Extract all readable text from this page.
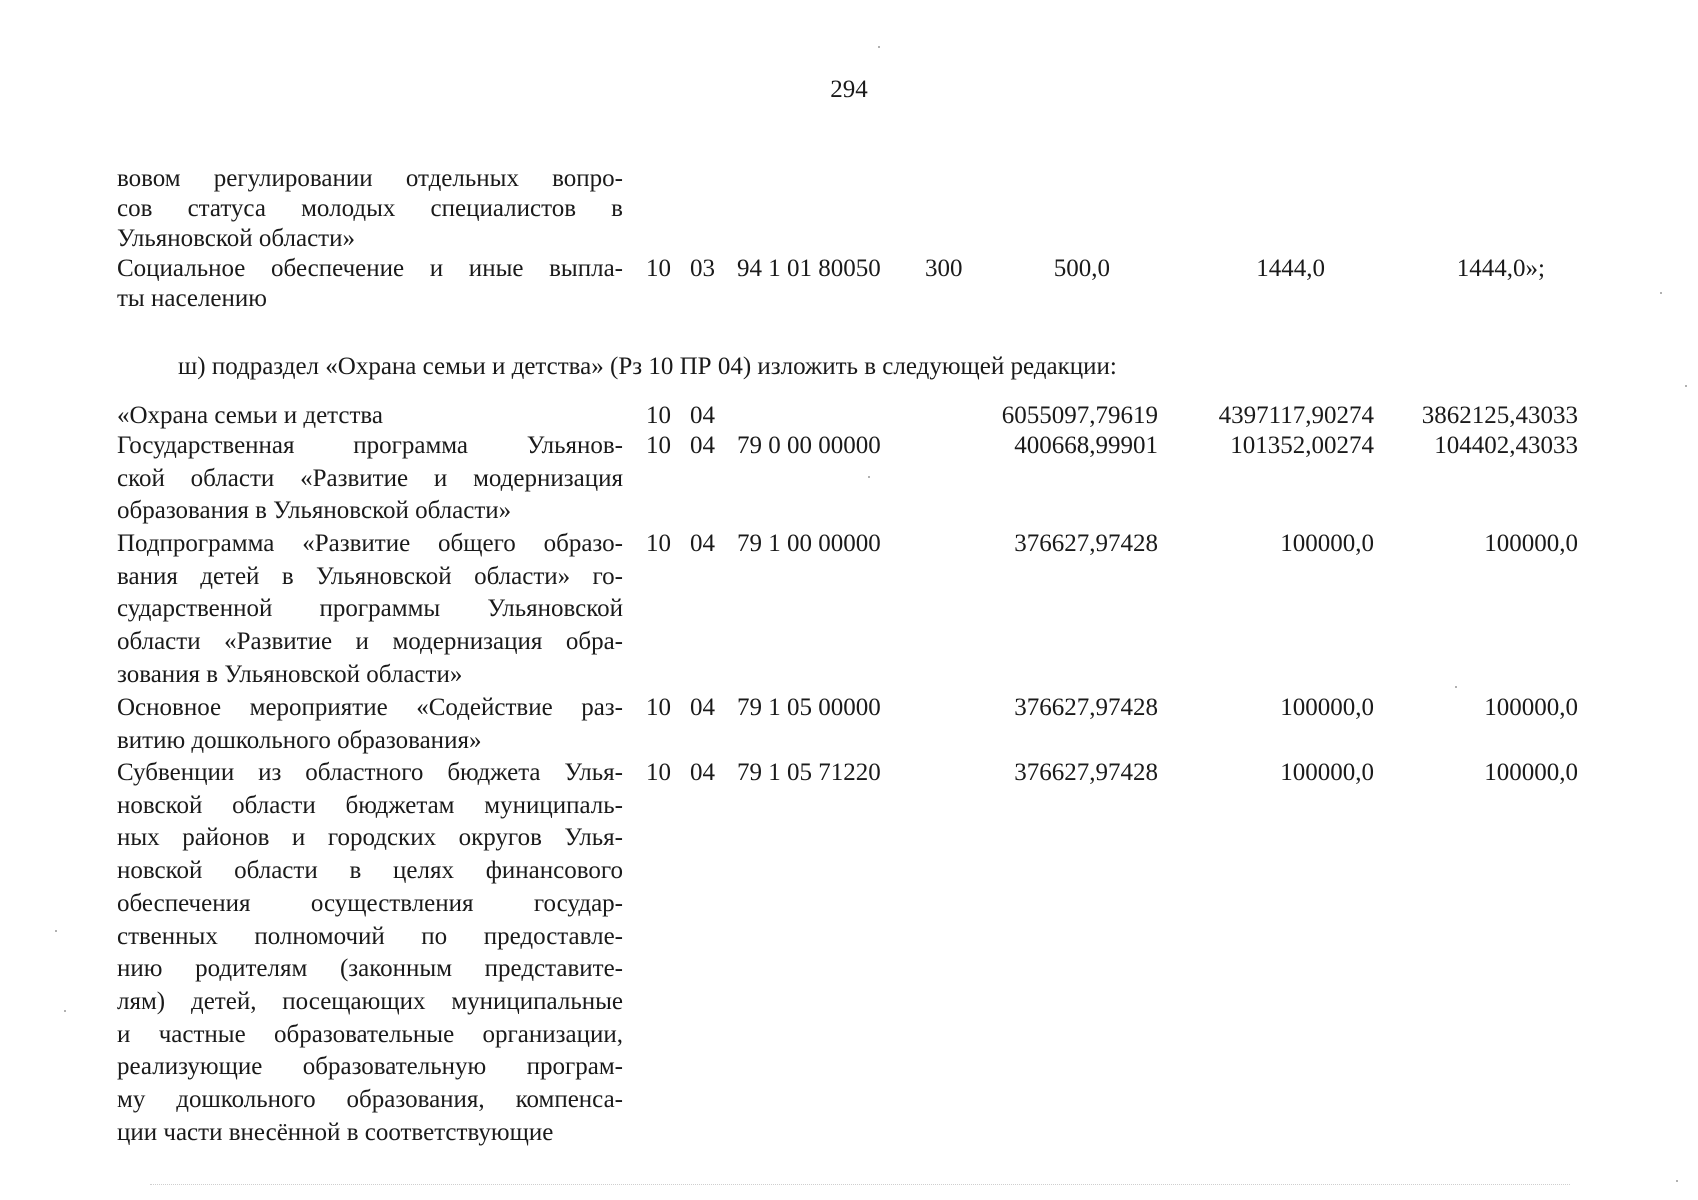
294
вовом регулировании отдельных вопро-
сов статуса молодых специалистов в
Ульяновской области»
Социальное обеспечение и иные выпла-
ты населению
10 03 94 1 01 80050 300	500,0	1444,0	1444,0»;
ш) подраздел «Охрана семьи и детства» (Рз 10 ПР 04) изложить в следующей редакции:
«Охрана семьи и детства	10 04	6055097,79619	4397117,90274	3862125,43033
Государственная программа Ульянов-
ской области «Развитие и модернизация
образования в Ульяновской области»
10 04 79 0 00 00000	400668,99901	101352,00274	104402,43033
Подпрограмма «Развитие общего образо-
вания детей в Ульяновской области» го-
сударственной программы Ульяновской
области «Развитие и модернизация обра-
зования в Ульяновской области»
10 04 79 1 00 00000	376627,97428	100000,0	100000,0
Основное мероприятие «Содействие раз-
витию дошкольного образования»
10 04 79 1 05 00000	376627,97428	100000,0	100000,0
Субвенции из областного бюджета Улья-
новской области бюджетам муниципаль-
ных районов и городских округов Улья-
новской области в целях финансового
обеспечения осуществления государ-
ственных полномочий по предоставле-
нию родителям (законным представите-
лям) детей, посещающих муниципальные
и частные образовательные организации,
реализующие образовательную програм-
му дошкольного образования, компенса-
ции части внесённой в соответствующие
10 04 79 1 05 71220	376627,97428	100000,0	100000,0
